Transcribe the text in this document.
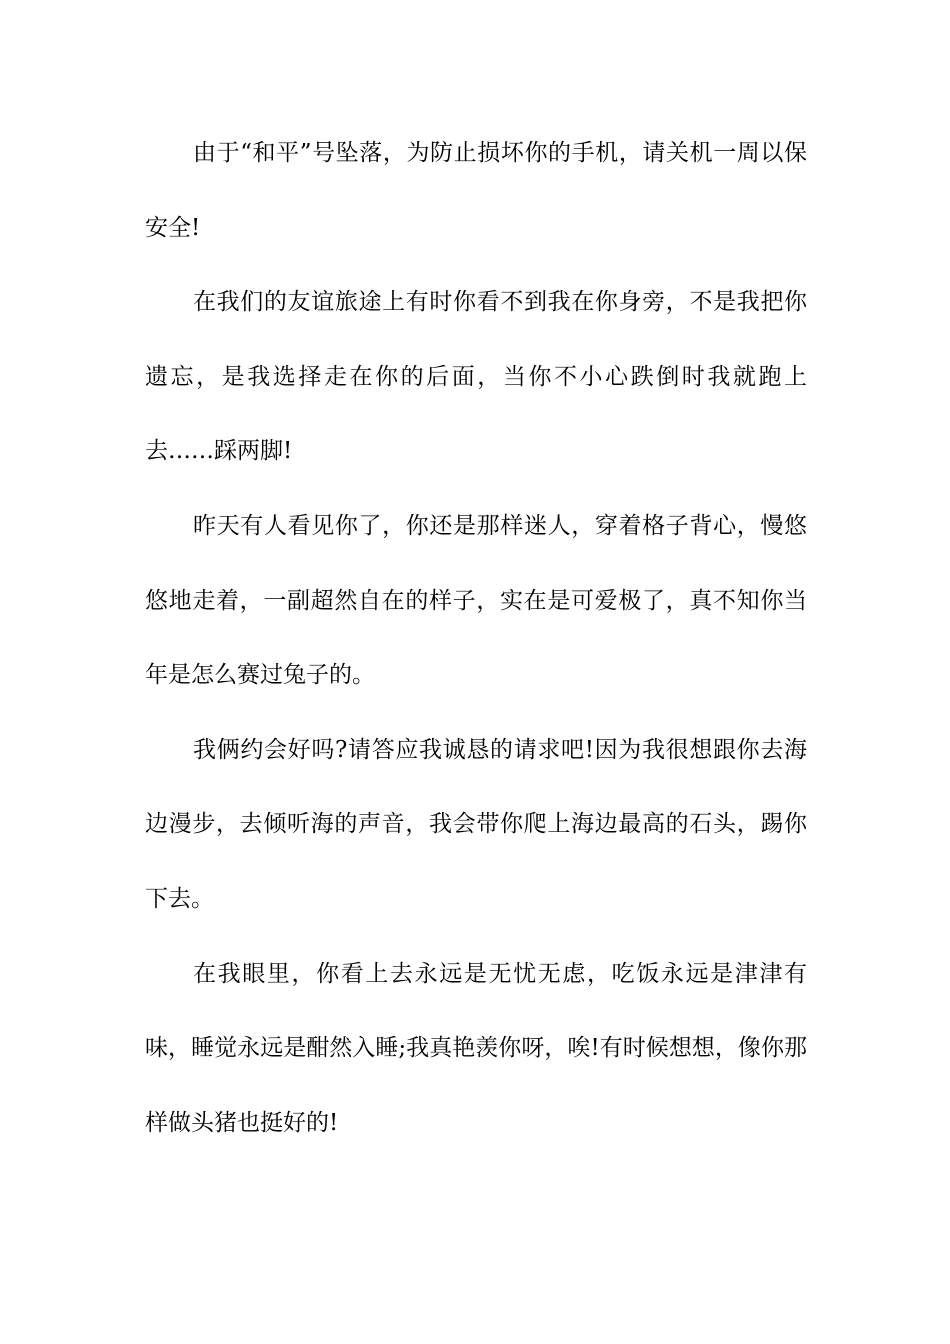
由于“和平”号坠落，为防止损坏你的手机，请关机一周以保安全!

在我们的友谊旅途上有时你看不到我在你身旁，不是我把你遗忘，是我选择走在你的后面，当你不小心跌倒时我就跑上去……踩两脚!

昨天有人看见你了，你还是那样迷人，穿着格子背心，慢悠悠地走着，一副超然自在的样子，实在是可爱极了，真不知你当年是怎么赛过兔子的。

我俩约会好吗?请答应我诚恳的请求吧!因为我很想跟你去海边漫步，去倾听海的声音，我会带你爬上海边最高的石头，踢你下去。

在我眼里，你看上去永远是无忧无虑，吃饭永远是津津有味，睡觉永远是酣然入睡;我真艳羡你呀，唉!有时候想想，像你那样做头猪也挺好的!
